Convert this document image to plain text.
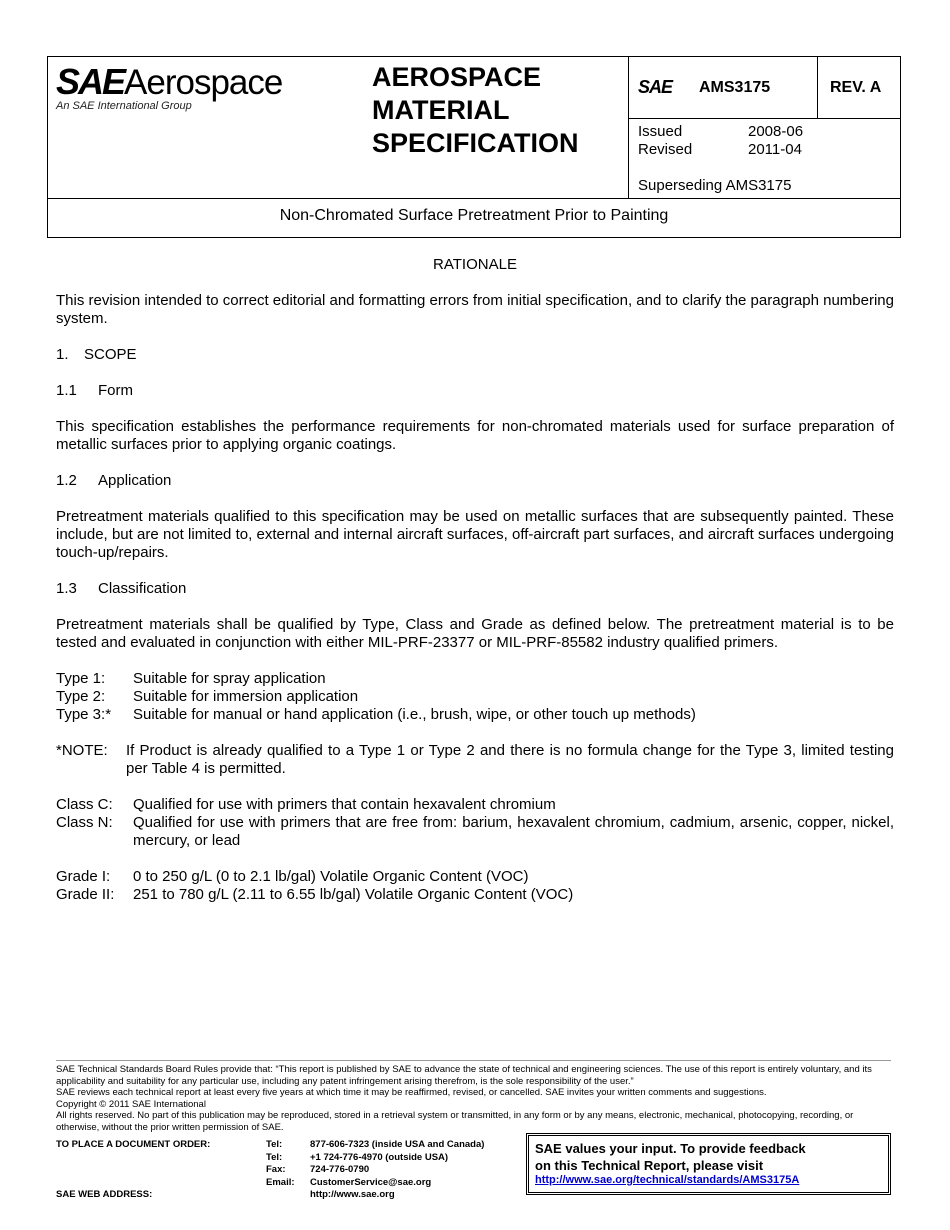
SAEAerospace
An SAE International Group
AEROSPACE
MATERIAL
SPECIFICATION
SAE AMS3175	REV. A
Issued	2008-06
Revised	2011-04
Superseding AMS3175
Non-Chromated Surface Pretreatment Prior to Painting

RATIONALE

This revision intended to correct editorial and formatting errors from initial specification, and to clarify the paragraph numbering system.

1. SCOPE
1.1 Form

This specification establishes the performance requirements for non-chromated materials used for surface preparation of metallic surfaces prior to applying organic coatings.

1.2 Application

Pretreatment materials qualified to this specification may be used on metallic surfaces that are subsequently painted. These include, but are not limited to, external and internal aircraft surfaces, off-aircraft part surfaces, and aircraft surfaces undergoing touch-up/repairs.

1.3 Classification

Pretreatment materials shall be qualified by Type, Class and Grade as defined below. The pretreatment material is to be tested and evaluated in conjunction with either MIL-PRF-23377 or MIL-PRF-85582 industry qualified primers.

Type 1: Suitable for spray application
Type 2: Suitable for immersion application
Type 3:* Suitable for manual or hand application (i.e., brush, wipe, or other touch up methods)
*NOTE: If Product is already qualified to a Type 1 or Type 2 and there is no formula change for the Type 3, limited testing per Table 4 is permitted.
Class C: Qualified for use with primers that contain hexavalent chromium
Class N: Qualified for use with primers that are free from: barium, hexavalent chromium, cadmium, arsenic, copper, nickel, mercury, or lead
Grade I: 0 to 250 g/L (0 to 2.1 lb/gal) Volatile Organic Content (VOC)
Grade II: 251 to 780 g/L (2.11 to 6.55 lb/gal) Volatile Organic Content (VOC)
SAE Technical Standards Board Rules provide that: “This report is published by SAE to advance the state of technical and engineering sciences. The use of this report is entirely voluntary, and its applicability and suitability for any particular use, including any patent infringement arising therefrom, is the sole responsibility of the user.”
SAE reviews each technical report at least every five years at which time it may be reaffirmed, revised, or cancelled. SAE invites your written comments and suggestions.
Copyright © 2011 SAE International
All rights reserved. No part of this publication may be reproduced, stored in a retrieval system or transmitted, in any form or by any means, electronic, mechanical, photocopying, recording, or otherwise, without the prior written permission of SAE.
TO PLACE A DOCUMENT ORDER:	Tel:	877-606-7323 (inside USA and Canada)
Tel:	+1 724-776-4970 (outside USA)
Fax:	724-776-0790
Email: CustomerService@sae.org
SAE WEB ADDRESS:	http://www.sae.org
SAE values your input. To provide feedback
on this Technical Report, please visit
http://www.sae.org/technical/standards/AMS3175A
